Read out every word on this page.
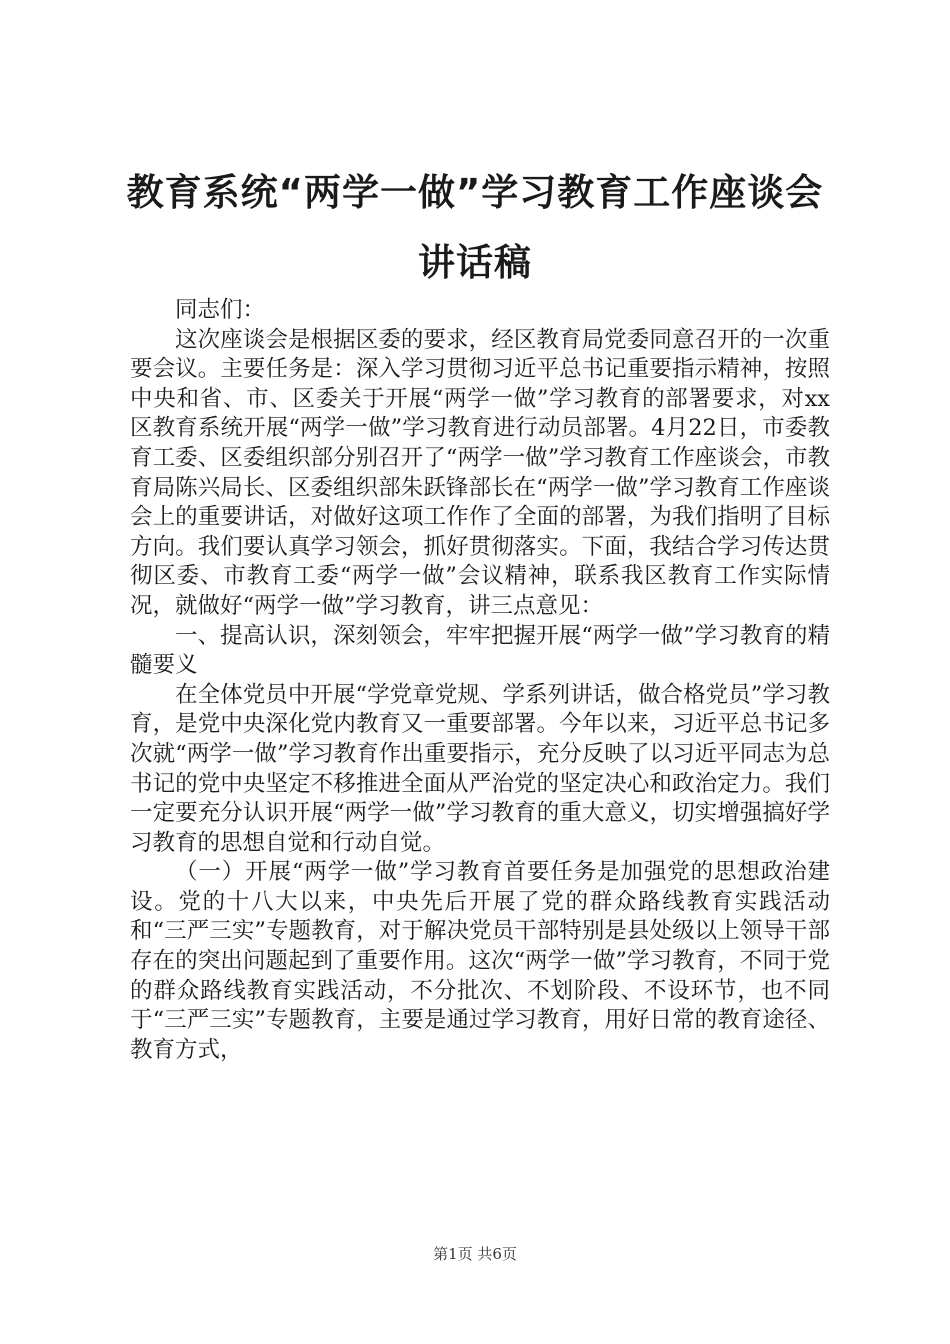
教育系统“两学一做”学习教育工作座谈会讲话稿

同志们：

这次座谈会是根据区委的要求，经区教育局党委同意召开的一次重要会议。主要任务是：深入学习贯彻习近平总书记重要指示精神，按照中央和省、市、区委关于开展“两学一做”学习教育的部署要求，对xx区教育系统开展“两学一做”学习教育进行动员部署。4月22日，市委教育工委、区委组织部分别召开了“两学一做”学习教育工作座谈会，市教育局陈兴局长、区委组织部朱跃锋部长在“两学一做”学习教育工作座谈会上的重要讲话，对做好这项工作作了全面的部署，为我们指明了目标方向。我们要认真学习领会，抓好贯彻落实。下面，我结合学习传达贯彻区委、市教育工委“两学一做”会议精神，联系我区教育工作实际情况，就做好“两学一做”学习教育，讲三点意见：

一、提高认识，深刻领会，牢牢把握开展“两学一做”学习教育的精髓要义

在全体党员中开展“学党章党规、学系列讲话，做合格党员”学习教育，是党中央深化党内教育又一重要部署。今年以来，习近平总书记多次就“两学一做”学习教育作出重要指示，充分反映了以习近平同志为总书记的党中央坚定不移推进全面从严治党的坚定决心和政治定力。我们一定要充分认识开展“两学一做”学习教育的重大意义，切实增强搞好学习教育的思想自觉和行动自觉。

（一）开展“两学一做”学习教育首要任务是加强党的思想政治建设。党的十八大以来，中央先后开展了党的群众路线教育实践活动和“三严三实”专题教育，对于解决党员干部特别是县处级以上领导干部存在的突出问题起到了重要作用。这次“两学一做”学习教育，不同于党的群众路线教育实践活动，不分批次、不划阶段、不设环节，也不同于“三严三实”专题教育，主要是通过学习教育，用好日常的教育途径、教育方式，

第1页 共6页
